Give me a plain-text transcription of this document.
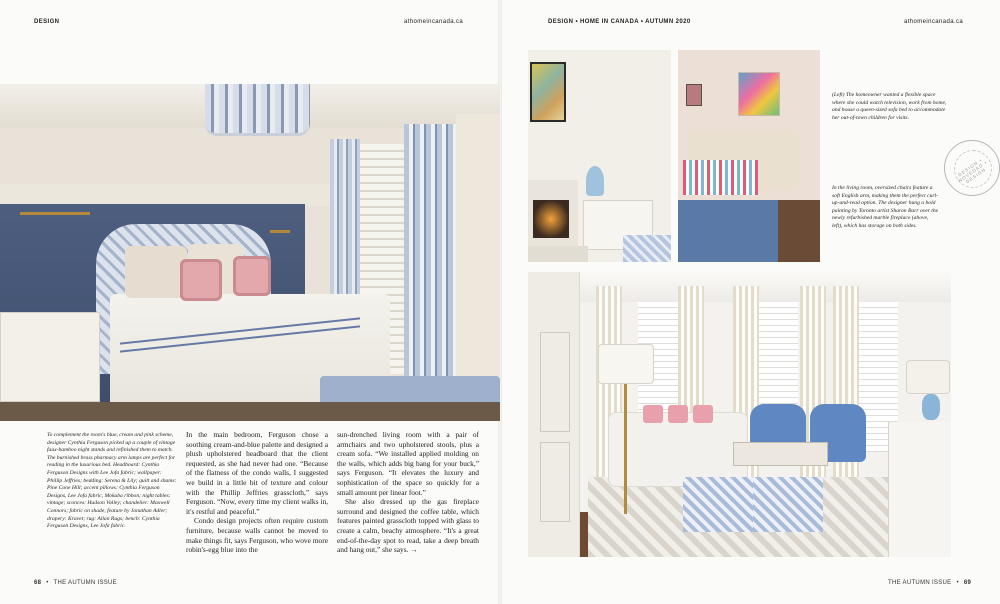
DESIGN	athomeincanada.ca	DESIGN • HOME IN CANADA • AUTUMN 2020	athomeincanada.ca
To complement the room's blue, cream and pink scheme, designer Cynthia Ferguson picked up a couple of vintage faux-bamboo night stands and refinished them to match. The burnished brass pharmacy arm lamps are perfect for reading in the luxurious bed. Headboard: Cynthia Ferguson Designs with Lee Jofa fabric; wallpaper: Phillip Jeffries; bedding: Serena & Lily; quilt and shams: Pine Cone Hill; accent pillows: Cynthia Ferguson Designs, Lee Jofa fabric, Mokuba ribbon; night tables: vintage; sconces: Hudson Valley; chandelier: Maxwell Connors; fabric on shade, feature by Jonathan Adler; drapery: Kravet; rug: Allan Rugs; bench: Cynthia Ferguson Designs, Lee Jofa fabric.
(Left) The homeowner wanted a flexible space where she could watch television, work from home, and house a queen-sized sofa bed to accommodate her out-of-town children for visits.
In the living room, oversized chairs feature a soft English arm, making them the perfect curl-up-and-read option. The designer hung a bold painting by Toronto artist Sharon Barr over the newly refurbished marble fireplace (above, left), which has storage on both sides.

In the main bedroom, Ferguson chose a soothing cream-and-blue palette and designed a plush upholstered headboard that the client requested, as she had never had one. “Because of the flatness of the condo walls, I suggested we build in a little bit of texture and colour with the Phillip Jeffries grasscloth,” says Ferguson. “Now, every time my client walks in, it's restful and peaceful.”

Condo design projects often require custom furniture, because walls cannot be moved to make things fit, says Ferguson, who wove more robin's-egg blue into the

sun-drenched living room with a pair of armchairs and two upholstered stools, plus a cream sofa. “We installed applied molding on the walls, which adds big bang for your buck,” says Ferguson. “It elevates the luxury and sophistication of the space so quickly for a small amount per linear foot.”

She also dressed up the gas fireplace surround and designed the coffee table, which features painted grasscloth topped with glass to create a calm, beachy atmosphere. “It's a great end-of-the-day spot to read, take a deep breath and hang out,” she says. →

DESIGN • NOVEDAD • DESIGN
68 • THE AUTUMN ISSUE	THE AUTUMN ISSUE • 69
